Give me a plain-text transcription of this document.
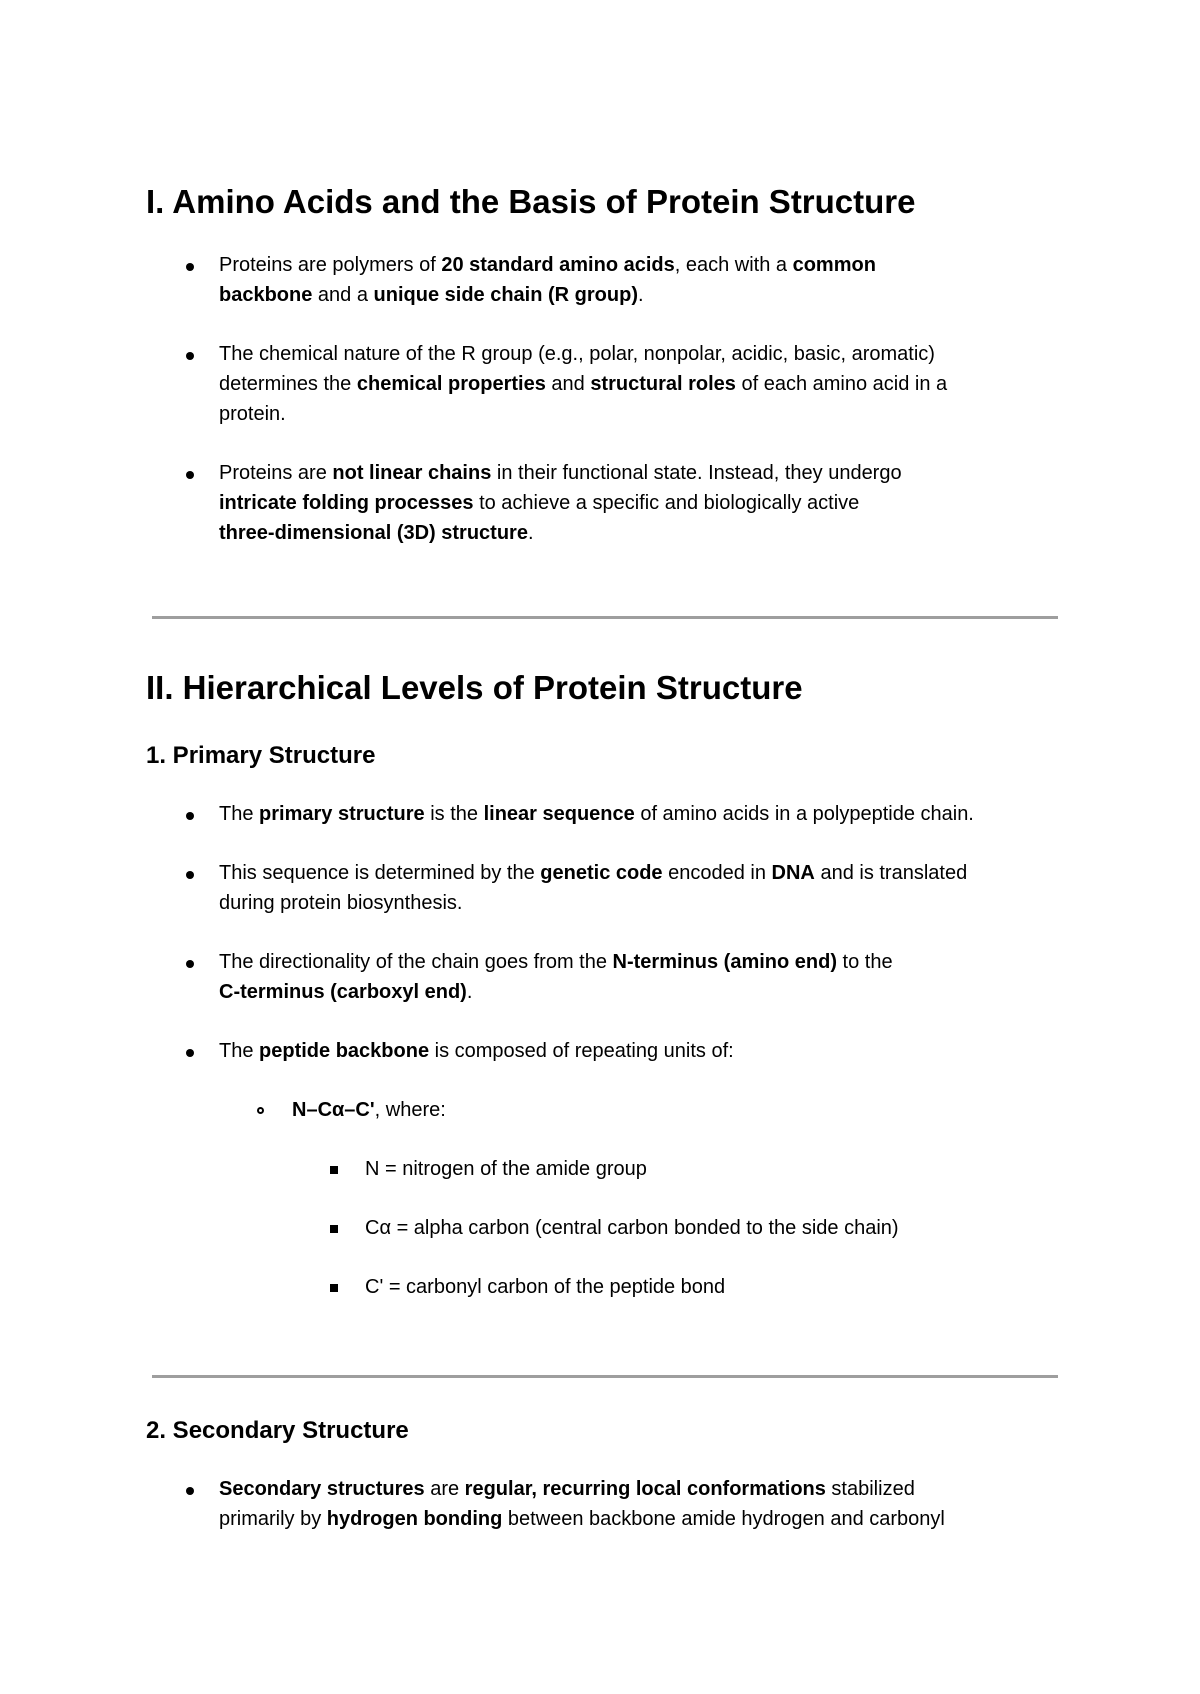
I. Amino Acids and the Basis of Protein Structure
Proteins are polymers of 20 standard amino acids, each with a common
backbone and a unique side chain (R group).
The chemical nature of the R group (e.g., polar, nonpolar, acidic, basic, aromatic)
determines the chemical properties and structural roles of each amino acid in a
protein.
Proteins are not linear chains in their functional state. Instead, they undergo
intricate folding processes to achieve a specific and biologically active
three-dimensional (3D) structure.
II. Hierarchical Levels of Protein Structure
1. Primary Structure
The primary structure is the linear sequence of amino acids in a polypeptide chain.
This sequence is determined by the genetic code encoded in DNA and is translated
during protein biosynthesis.
The directionality of the chain goes from the N-terminus (amino end) to the
C-terminus (carboxyl end).
The peptide backbone is composed of repeating units of:
N–Cα–C', where:
N = nitrogen of the amide group
Cα = alpha carbon (central carbon bonded to the side chain)
C' = carbonyl carbon of the peptide bond
2. Secondary Structure
Secondary structures are regular, recurring local conformations stabilized
primarily by hydrogen bonding between backbone amide hydrogen and carbonyl
